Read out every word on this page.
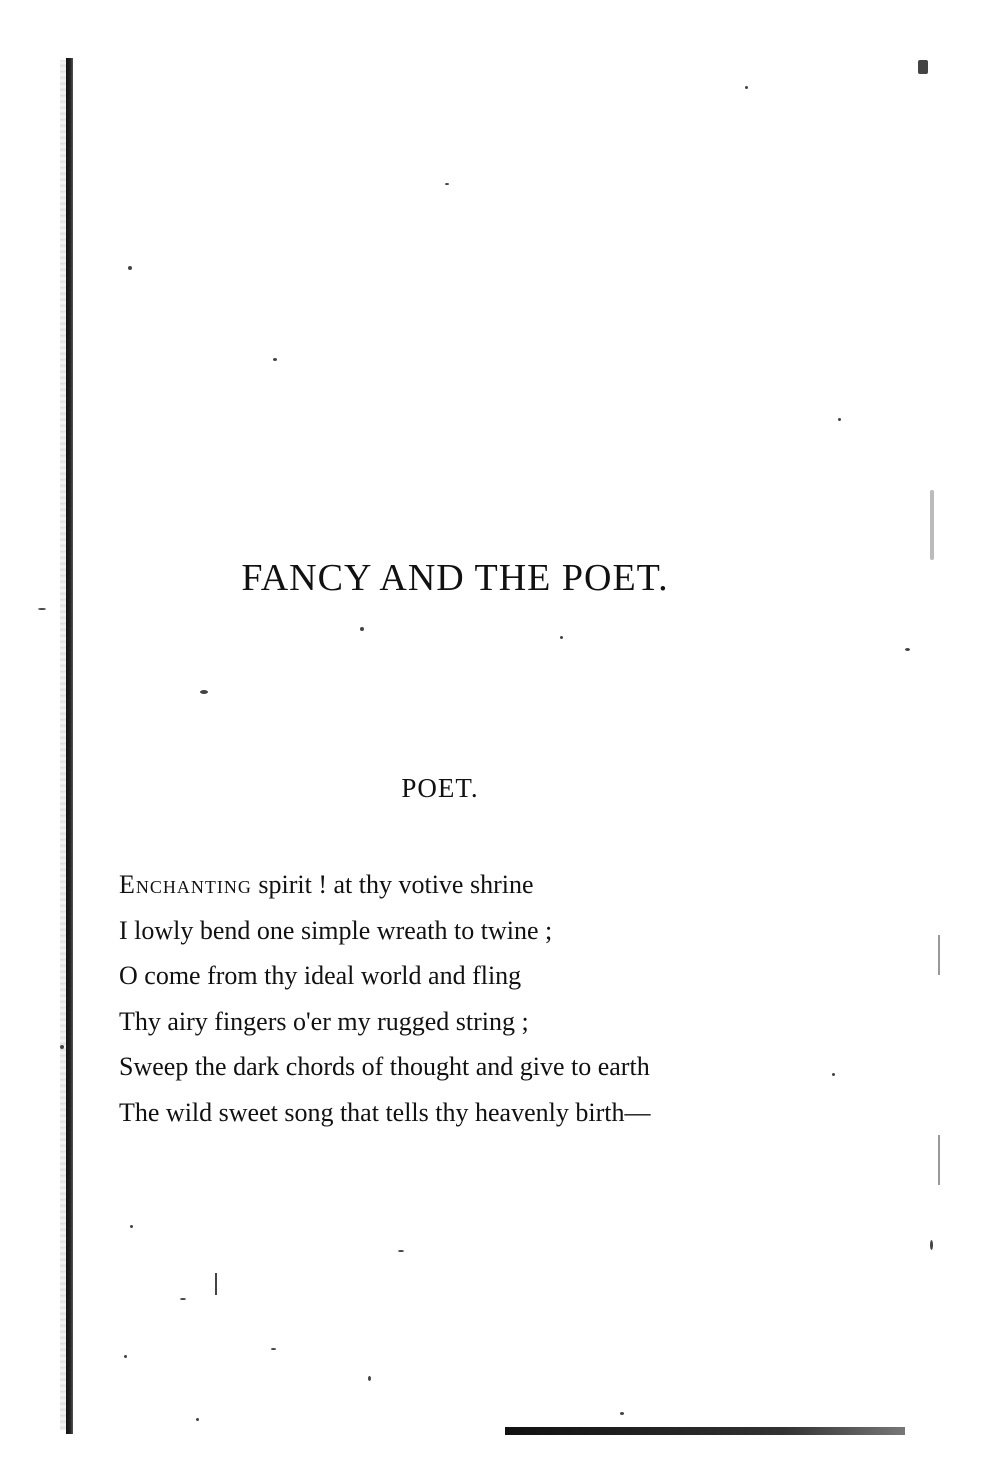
FANCY AND THE POET.
POET.
Enchanting spirit ! at thy votive shrine
I lowly bend one simple wreath to twine ;
O come from thy ideal world and fling
Thy airy fingers o'er my rugged string ;
Sweep the dark chords of thought and give to earth
The wild sweet song that tells thy heavenly birth—
